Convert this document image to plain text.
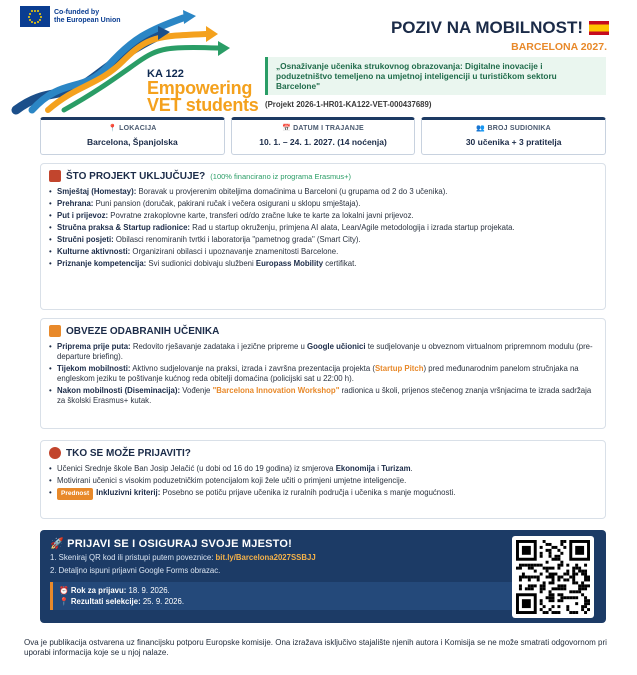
Co-funded by
the European Union
KA 122
Empowering
VET students
POZIV NA MOBILNOST!
BARCELONA 2027.
„Osnaživanje učenika strukovnog obrazovanja: Digitalne inovacije i poduzetništvo temeljeno na umjetnoj inteligenciji u turističkom sektoru Barcelone"
(Projekt 2026-1-HR01-KA122-VET-000437689)
📍 LOKACIJA
Barcelona, Španjolska
📅 DATUM I TRAJANJE
10. 1. – 24. 1. 2027. (14 noćenja)
👥 BROJ SUDIONIKA
30 učenika + 3 pratitelja
ŠTO PROJEKT UKLJUČUJE? (100% financirano iz programa Erasmus+)
• Smještaj (Homestay): Boravak u provjerenim obiteljima domaćinima u Barceloni (u grupama od 2 do 3 učenika).
• Prehrana: Puni pansion (doručak, pakirani ručak i večera osigurani u sklopu smještaja).
• Put i prijevoz: Povratne zrakoplovne karte, transferi od/do zračne luke te karte za lokalni javni prijevoz.
• Stručna praksa & Startup radionice: Rad u startup okruženju, primjena AI alata, Lean/Agile metodologija i izrada startup projekata.
• Stručni posjeti: Obilasci renomiranih tvrtki i laboratorija "pametnog grada" (Smart City).
• Kulturne aktivnosti: Organizirani obilasci i upoznavanje znamenitosti Barcelone.
• Priznanje kompetencija: Svi sudionici dobivaju službeni Europass Mobility certifikat.
OBVEZE ODABRANIH UČENIKA
• Priprema prije puta: Redovito rješavanje zadataka i jezične pripreme u Google učionici te sudjelovanje u obveznom virtualnom pripremnom modulu (pre-departure briefing).
• Tijekom mobilnosti: Aktivno sudjelovanje na praksi, izrada i završna prezentacija projekta (Startup Pitch) pred međunarodnim panelom stručnjaka na engleskom jeziku te poštivanje kućnog reda obitelji domaćina (policijski sat u 22:00 h).
• Nakon mobilnosti (Diseminacija): Vođenje "Barcelona Innovation Workshop" radionica u školi, prijenos stečenog znanja vršnjacima te izrada sadržaja za školski Erasmus+ kutak.
TKO SE MOŽE PRIJAVITI?
• Učenici Srednje škole Ban Josip Jelačić (u dobi od 16 do 19 godina) iz smjerova Ekonomija i Turizam.
• Motivirani učenici s visokim poduzetničkim potencijalom koji žele učiti o primjeni umjetne inteligencije.
• Prednost Inkluzivni kriterij: Posebno se potiču prijave učenika iz ruralnih područja i učenika s manje mogućnosti.
🚀 PRIJAVI SE I OSIGURAJ SVOJE MJESTO!
1. Skeniraj QR kod ili pristupi putem poveznice: bit.ly/Barcelona2027SSBJJ
2. Detaljno ispuni prijavni Google Forms obrazac.
⏰ Rok za prijavu: 18. 9. 2026.
📍 Rezultati selekcije: 25. 9. 2026.
Ova je publikacija ostvarena uz financijsku potporu Europske komisije. Ona izražava isključivo stajalište njenih autora i Komisija se ne može smatrati odgovornom pri uporabi informacija koje se u njoj nalaze.
